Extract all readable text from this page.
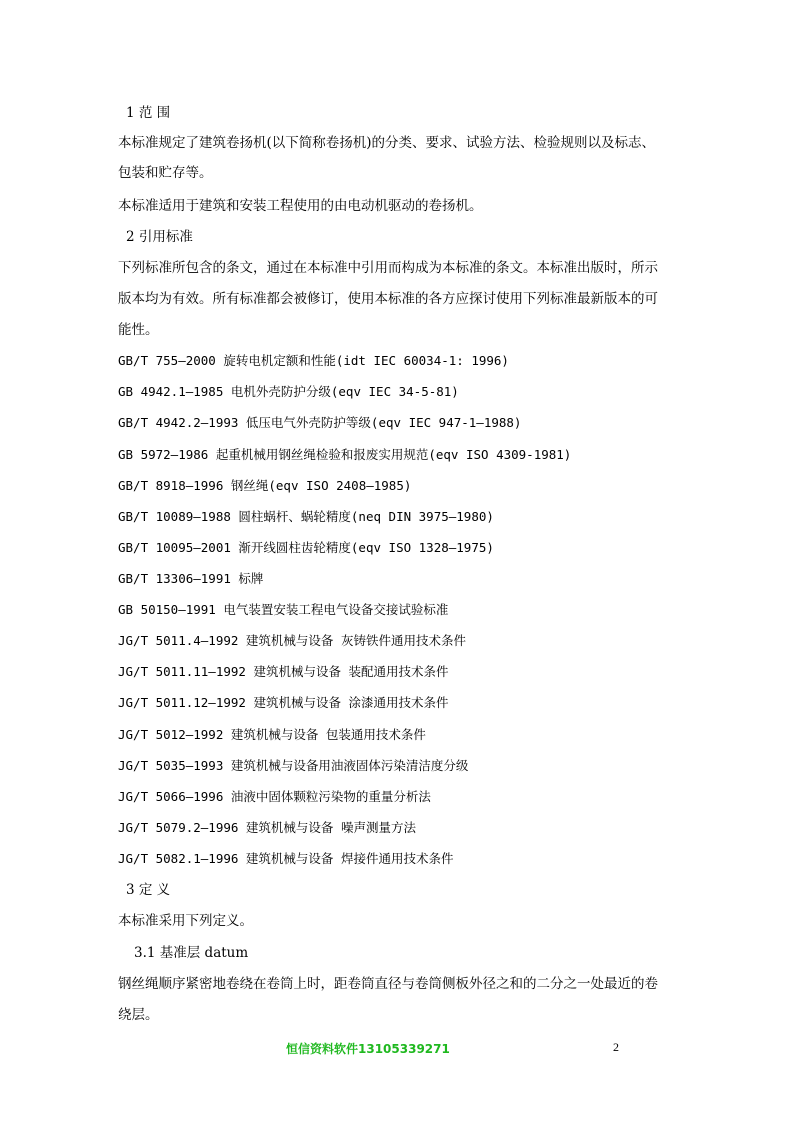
1 范 围
本标准规定了建筑卷扬机(以下简称卷扬机)的分类、要求、试验方法、检验规则以及标志、
包装和贮存等。
本标准适用于建筑和安装工程使用的由电动机驱动的卷扬机。
2 引用标准
下列标准所包含的条文，通过在本标准中引用而构成为本标准的条文。本标准出版时，所示
版本均为有效。所有标准都会被修订，使用本标准的各方应探讨使用下列标准最新版本的可
能性。
GB/T 755—2000 旋转电机定额和性能(idt IEC 60034-1: 1996)
GB 4942.1—1985 电机外壳防护分级(eqv IEC 34-5-81)
GB/T 4942.2—1993 低压电气外壳防护等级(eqv IEC 947-1—1988)
GB 5972—1986 起重机械用钢丝绳检验和报废实用规范(eqv ISO 4309-1981)
GB/T 8918—1996 钢丝绳(eqv ISO 2408—1985)
GB/T 10089—1988 圆柱蜗杆、蜗轮精度(neq DIN 3975—1980)
GB/T 10095—2001 渐开线圆柱齿轮精度(eqv ISO 1328—1975)
GB/T 13306—1991 标牌
GB 50150—1991 电气装置安装工程电气设备交接试验标准
JG/T 5011.4—1992 建筑机械与设备 灰铸铁件通用技术条件
JG/T 5011.11—1992 建筑机械与设备 装配通用技术条件
JG/T 5011.12—1992 建筑机械与设备 涂漆通用技术条件
JG/T 5012—1992 建筑机械与设备 包装通用技术条件
JG/T 5035—1993 建筑机械与设备用油液固体污染清洁度分级
JG/T 5066—1996 油液中固体颗粒污染物的重量分析法
JG/T 5079.2—1996 建筑机械与设备 噪声测量方法
JG/T 5082.1—1996 建筑机械与设备 焊接件通用技术条件
3 定 义
本标准采用下列定义。
3.1 基准层 datum
钢丝绳顺序紧密地卷绕在卷筒上时，距卷筒直径与卷筒侧板外径之和的二分之一处最近的卷
绕层。
恒信资料软件13105339271	2
